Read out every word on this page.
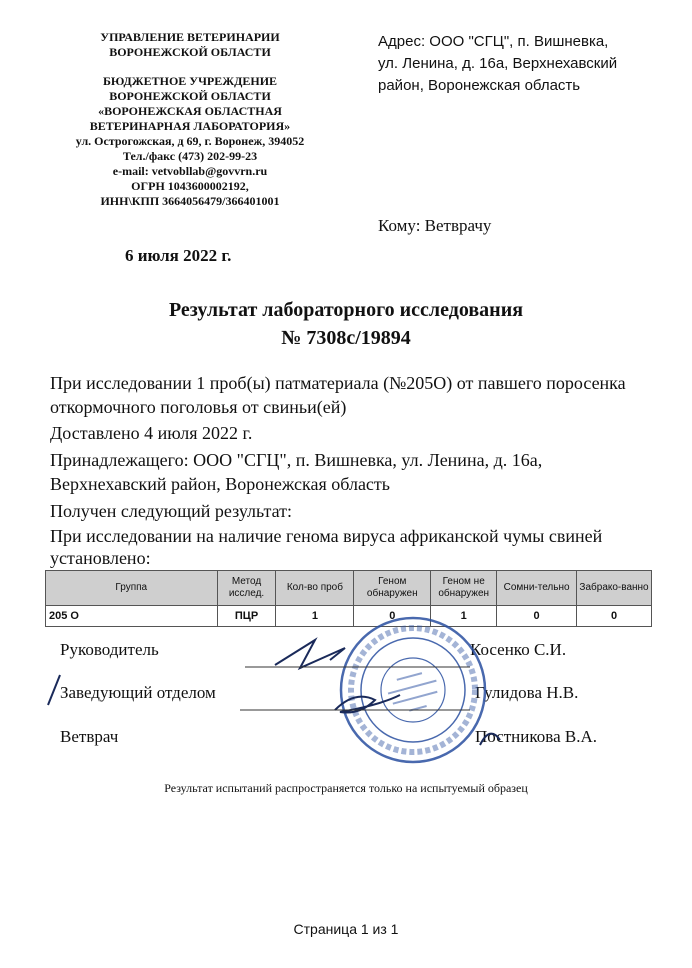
УПРАВЛЕНИЕ ВЕТЕРИНАРИИ
ВОРОНЕЖСКОЙ ОБЛАСТИ
БЮДЖЕТНОЕ УЧРЕЖДЕНИЕ
ВОРОНЕЖСКОЙ ОБЛАСТИ
«ВОРОНЕЖСКАЯ ОБЛАСТНАЯ
ВЕТЕРИНАРНАЯ ЛАБОРАТОРИЯ»
ул. Острогожская, д 69, г. Воронеж, 394052
Тел./факс (473) 202-99-23
e-mail: vetvobllab@govvrn.ru
ОГРН 1043600002192,
ИНН\КПП 3664056479/366401001
Адрес: ООО "СГЦ", п. Вишневка,
ул. Ленина, д. 16а, Верхнехавский
район, Воронежская область
Кому: Ветврачу
6 июля 2022 г.
Результат лабораторного исследования
№ 7308с/19894
При исследовании 1 проб(ы) патматериала (№205О) от павшего поросенка откормочного поголовья от свиньи(ей)
Доставлено 4 июля 2022 г.
Принадлежащего: ООО "СГЦ", п. Вишневка, ул. Ленина, д. 16а, Верхнехавский район, Воронежская область
Получен следующий результат:
При исследовании на наличие генома вируса африканской чумы свиней установлено:
Группа	Метод исслед.	Кол-во проб	Геном обнаружен	Геном не обнаружен	Сомни-тельно	Забрако-ванно
205 О	ПЦР	1	0	1	0	0
Руководитель	Косенко С.И.
Заведующий отделом	Гулидова Н.В.
Ветврач	Постникова В.А.
Результат испытаний распространяется только на испытуемый образец
Страница 1 из 1
